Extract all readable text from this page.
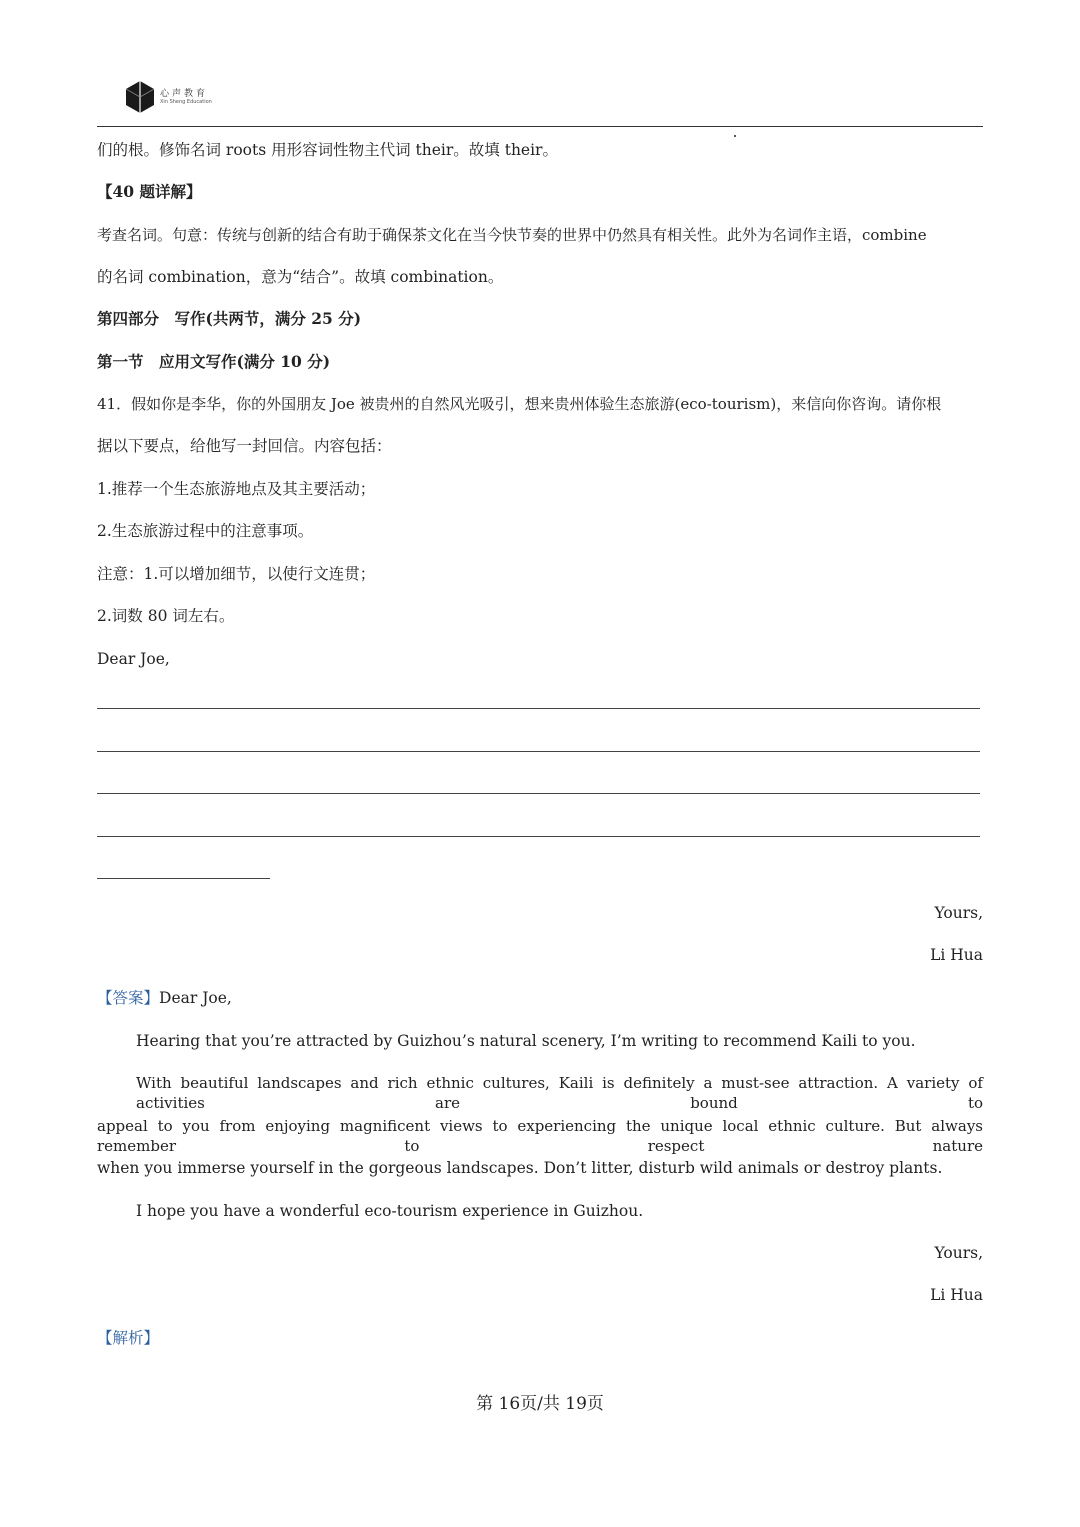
心声教育
Xin Sheng Education
们的根。修饰名词 roots 用形容词性物主代词 their。故填 their。
【40 题详解】
考查名词。句意：传统与创新的结合有助于确保茶文化在当今快节奏的世界中仍然具有相关性。此外为名词作主语，combine
的名词 combination，意为“结合”。故填 combination。
第四部分　写作(共两节，满分 25 分)
第一节　应用文写作(满分 10 分)
41．假如你是李华，你的外国朋友 Joe 被贵州的自然风光吸引，想来贵州体验生态旅游(eco-tourism)，来信向你咨询。请你根
据以下要点，给他写一封回信。内容包括：
1.推荐一个生态旅游地点及其主要活动；
2.生态旅游过程中的注意事项。
注意：1.可以增加细节，以使行文连贯；
2.词数 80 词左右。
Dear Joe,
Yours,
Li Hua
【答案】Dear Joe,
Hearing that you’re attracted by Guizhou’s natural scenery, I’m writing to recommend Kaili to you.
With beautiful landscapes and rich ethnic cultures, Kaili is definitely a must-see attraction. A variety of activities are bound to
appeal to you from enjoying magnificent views to experiencing the unique local ethnic culture. But always remember to respect nature
when you immerse yourself in the gorgeous landscapes. Don’t litter, disturb wild animals or destroy plants.
I hope you have a wonderful eco-tourism experience in Guizhou.
Yours,
Li Hua
【解析】
第 16页/共 19页
